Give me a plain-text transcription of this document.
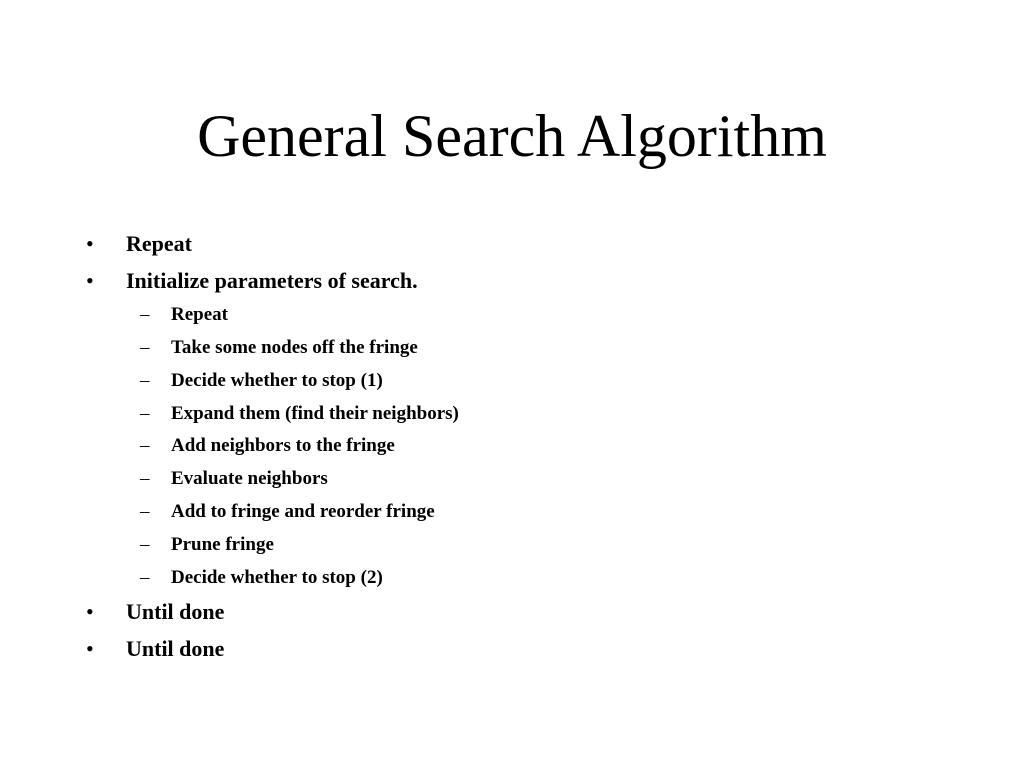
General Search Algorithm
• Repeat
• Initialize parameters of search.
– Repeat
– Take some nodes off the fringe
– Decide whether to stop (1)
– Expand them (find their neighbors)
– Add neighbors to the fringe
– Evaluate neighbors
– Add to fringe and reorder fringe
– Prune fringe
– Decide whether to stop (2)
• Until done
• Until done
